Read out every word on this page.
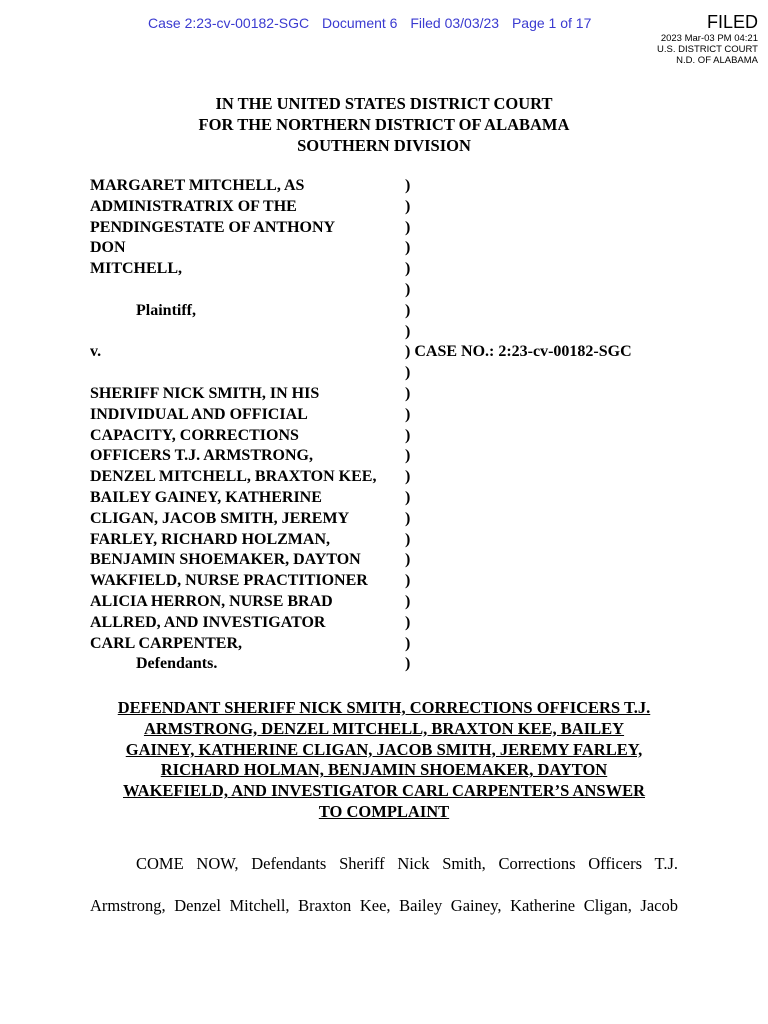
Case 2:23-cv-00182-SGC Document 6 Filed 03/03/23 Page 1 of 17	FILED
2023 Mar-03 PM 04:21
U.S. DISTRICT COURT
N.D. OF ALABAMA
IN THE UNITED STATES DISTRICT COURT
FOR THE NORTHERN DISTRICT OF ALABAMA
SOUTHERN DIVISION
MARGARET MITCHELL, AS
ADMINISTRATRIX OF THE
PENDINGESTATE OF ANTHONY
DON
MITCHELL,
Plaintiff,
v.
SHERIFF NICK SMITH, IN HIS
INDIVIDUAL AND OFFICIAL
CAPACITY, CORRECTIONS
OFFICERS T.J. ARMSTRONG,
DENZEL MITCHELL, BRAXTON KEE,
BAILEY GAINEY, KATHERINE
CLIGAN, JACOB SMITH, JEREMY
FARLEY, RICHARD HOLZMAN,
BENJAMIN SHOEMAKER, DAYTON
WAKFIELD, NURSE PRACTITIONER
ALICIA HERRON, NURSE BRAD
ALLRED, AND INVESTIGATOR
CARL CARPENTER,
Defendants.
)
)
)
)
)
)
)
)
) CASE NO.: 2:23-cv-00182-SGC
)
)
)
)
)
)
)
)
)
)
)
)
)
)
)
DEFENDANT SHERIFF NICK SMITH, CORRECTIONS OFFICERS T.J.
ARMSTRONG, DENZEL MITCHELL, BRAXTON KEE, BAILEY
GAINEY, KATHERINE CLIGAN, JACOB SMITH, JEREMY FARLEY,
RICHARD HOLMAN, BENJAMIN SHOEMAKER, DAYTON
WAKEFIELD, AND INVESTIGATOR CARL CARPENTER’S ANSWER
TO COMPLAINT
COME NOW, Defendants Sheriff Nick Smith, Corrections Officers T.J.
Armstrong, Denzel Mitchell, Braxton Kee, Bailey Gainey, Katherine Cligan, Jacob
